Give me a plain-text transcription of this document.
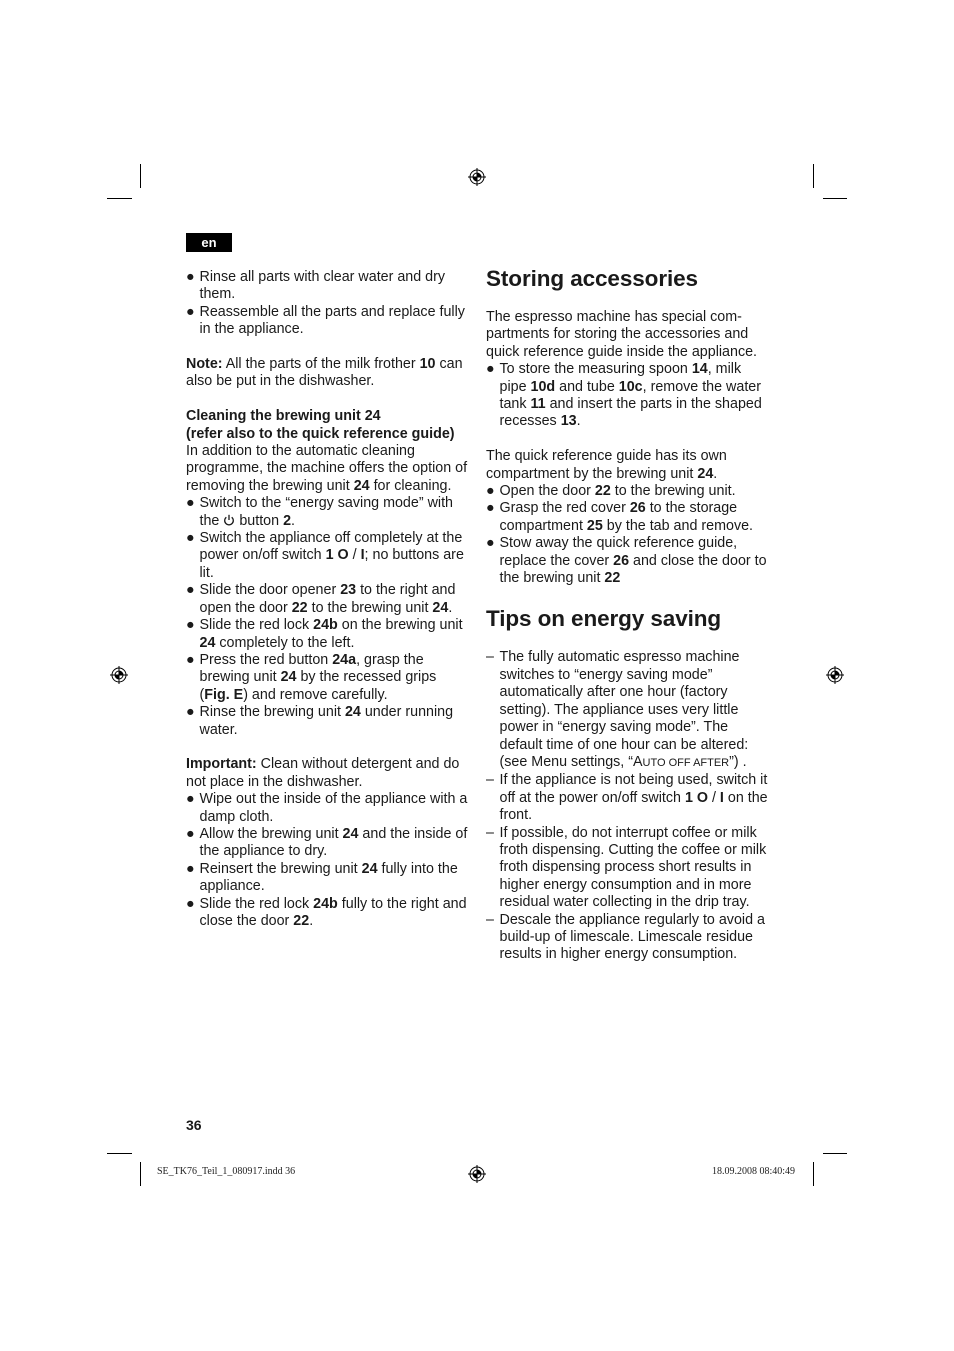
en

● Rinse all parts with clear water and dry them.

● Reassemble all the parts and replace fully in the appliance.

Note: All the parts of the milk frother 10 can also be put in the dishwasher.

Cleaning the brewing unit 24

(refer also to the quick reference guide)

In addition to the automatic cleaning programme, the machine offers the option of removing the brewing unit 24 for cleaning.

● Switch to the “energy saving mode” with the  button 2.

● Switch the appliance off completely at the power on/off switch 1 O / I; no buttons are lit.

● Slide the door opener 23 to the right and open the door 22 to the brewing unit 24.

● Slide the red lock 24b on the brewing unit 24 completely to the left.

● Press the red button 24a, grasp the brewing unit 24 by the recessed grips (Fig. E) and remove carefully.

● Rinse the brewing unit 24 under running water.

Important: Clean without detergent and do not place in the dishwasher.

● Wipe out the inside of the appliance with a damp cloth.

● Allow the brewing unit 24 and the inside of the appliance to dry.

● Reinsert the brewing unit 24 fully into the appliance.

● Slide the red lock 24b fully to the right and close the door 22.

Storing accessories

The espresso machine has special com-partments for storing the accessories and quick reference guide inside the appliance.

● To store the measuring spoon 14, milk pipe 10d and tube 10c, remove the water tank 11 and insert the parts in the shaped recesses 13.

The quick reference guide has its own compartment by the brewing unit 24.

● Open the door 22 to the brewing unit.

● Grasp the red cover 26 to the storage compartment 25 by the tab and remove.

● Stow away the quick reference guide, replace the cover 26 and close the door to the brewing unit 22

Tips on energy saving

– The fully automatic espresso machine switches to “energy saving mode” automatically after one hour (factory setting). The appliance uses very little power in “energy saving mode”. The default time of one hour can be altered: (see Menu settings, “AUTO OFF AFTER”) .

– If the appliance is not being used, switch it off at the power on/off switch 1 O / I on the front.

– If possible, do not interrupt coffee or milk froth dispensing. Cutting the coffee or milk froth dispensing process short results in higher energy consumption and in more residual water collecting in the drip tray.

– Descale the appliance regularly to avoid a build-up of limescale. Limescale residue results in higher energy consumption.

36
SE_TK76_Teil_1_080917.indd 36	18.09.2008 08:40:49
